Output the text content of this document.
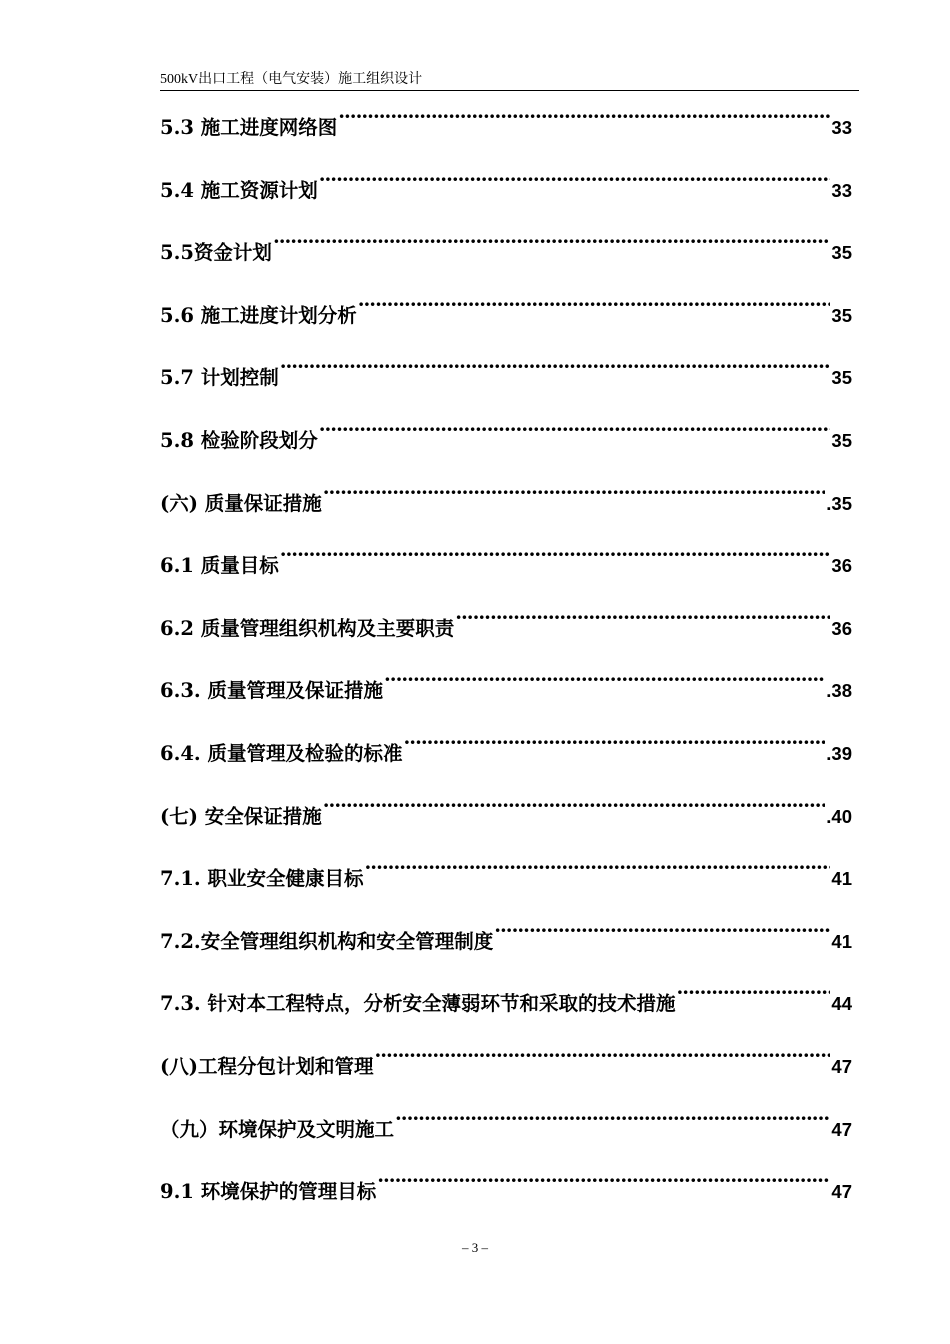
500kV出口工程（电气安装）施工组织设计
5.3 施工进度网络图 ·····	33
5.4 施工资源计划 ·····	33
5.5资金计划 ·····	35
5.6 施工进度计划分析 ·····	35
5.7 计划控制 ·····	35
5.8 检验阶段划分 ·····	35
(六) 质量保证措施 ·····	.35
6.1 质量目标 ·····	36
6.2 质量管理组织机构及主要职责 ·····	36
6.3. 质量管理及保证措施 ·····	.38
6.4. 质量管理及检验的标准 ·····	.39
(七) 安全保证措施 ·····	.40
7.1. 职业安全健康目标 ·····	41
7.2.安全管理组织机构和安全管理制度 ·····	41
7.3. 针对本工程特点，分析安全薄弱环节和采取的技术措施 ·····	44
(八)工程分包计划和管理 ·····	47
（九）环境保护及文明施工 ·····	47
9.1 环境保护的管理目标 ·····	47
– 3 –
